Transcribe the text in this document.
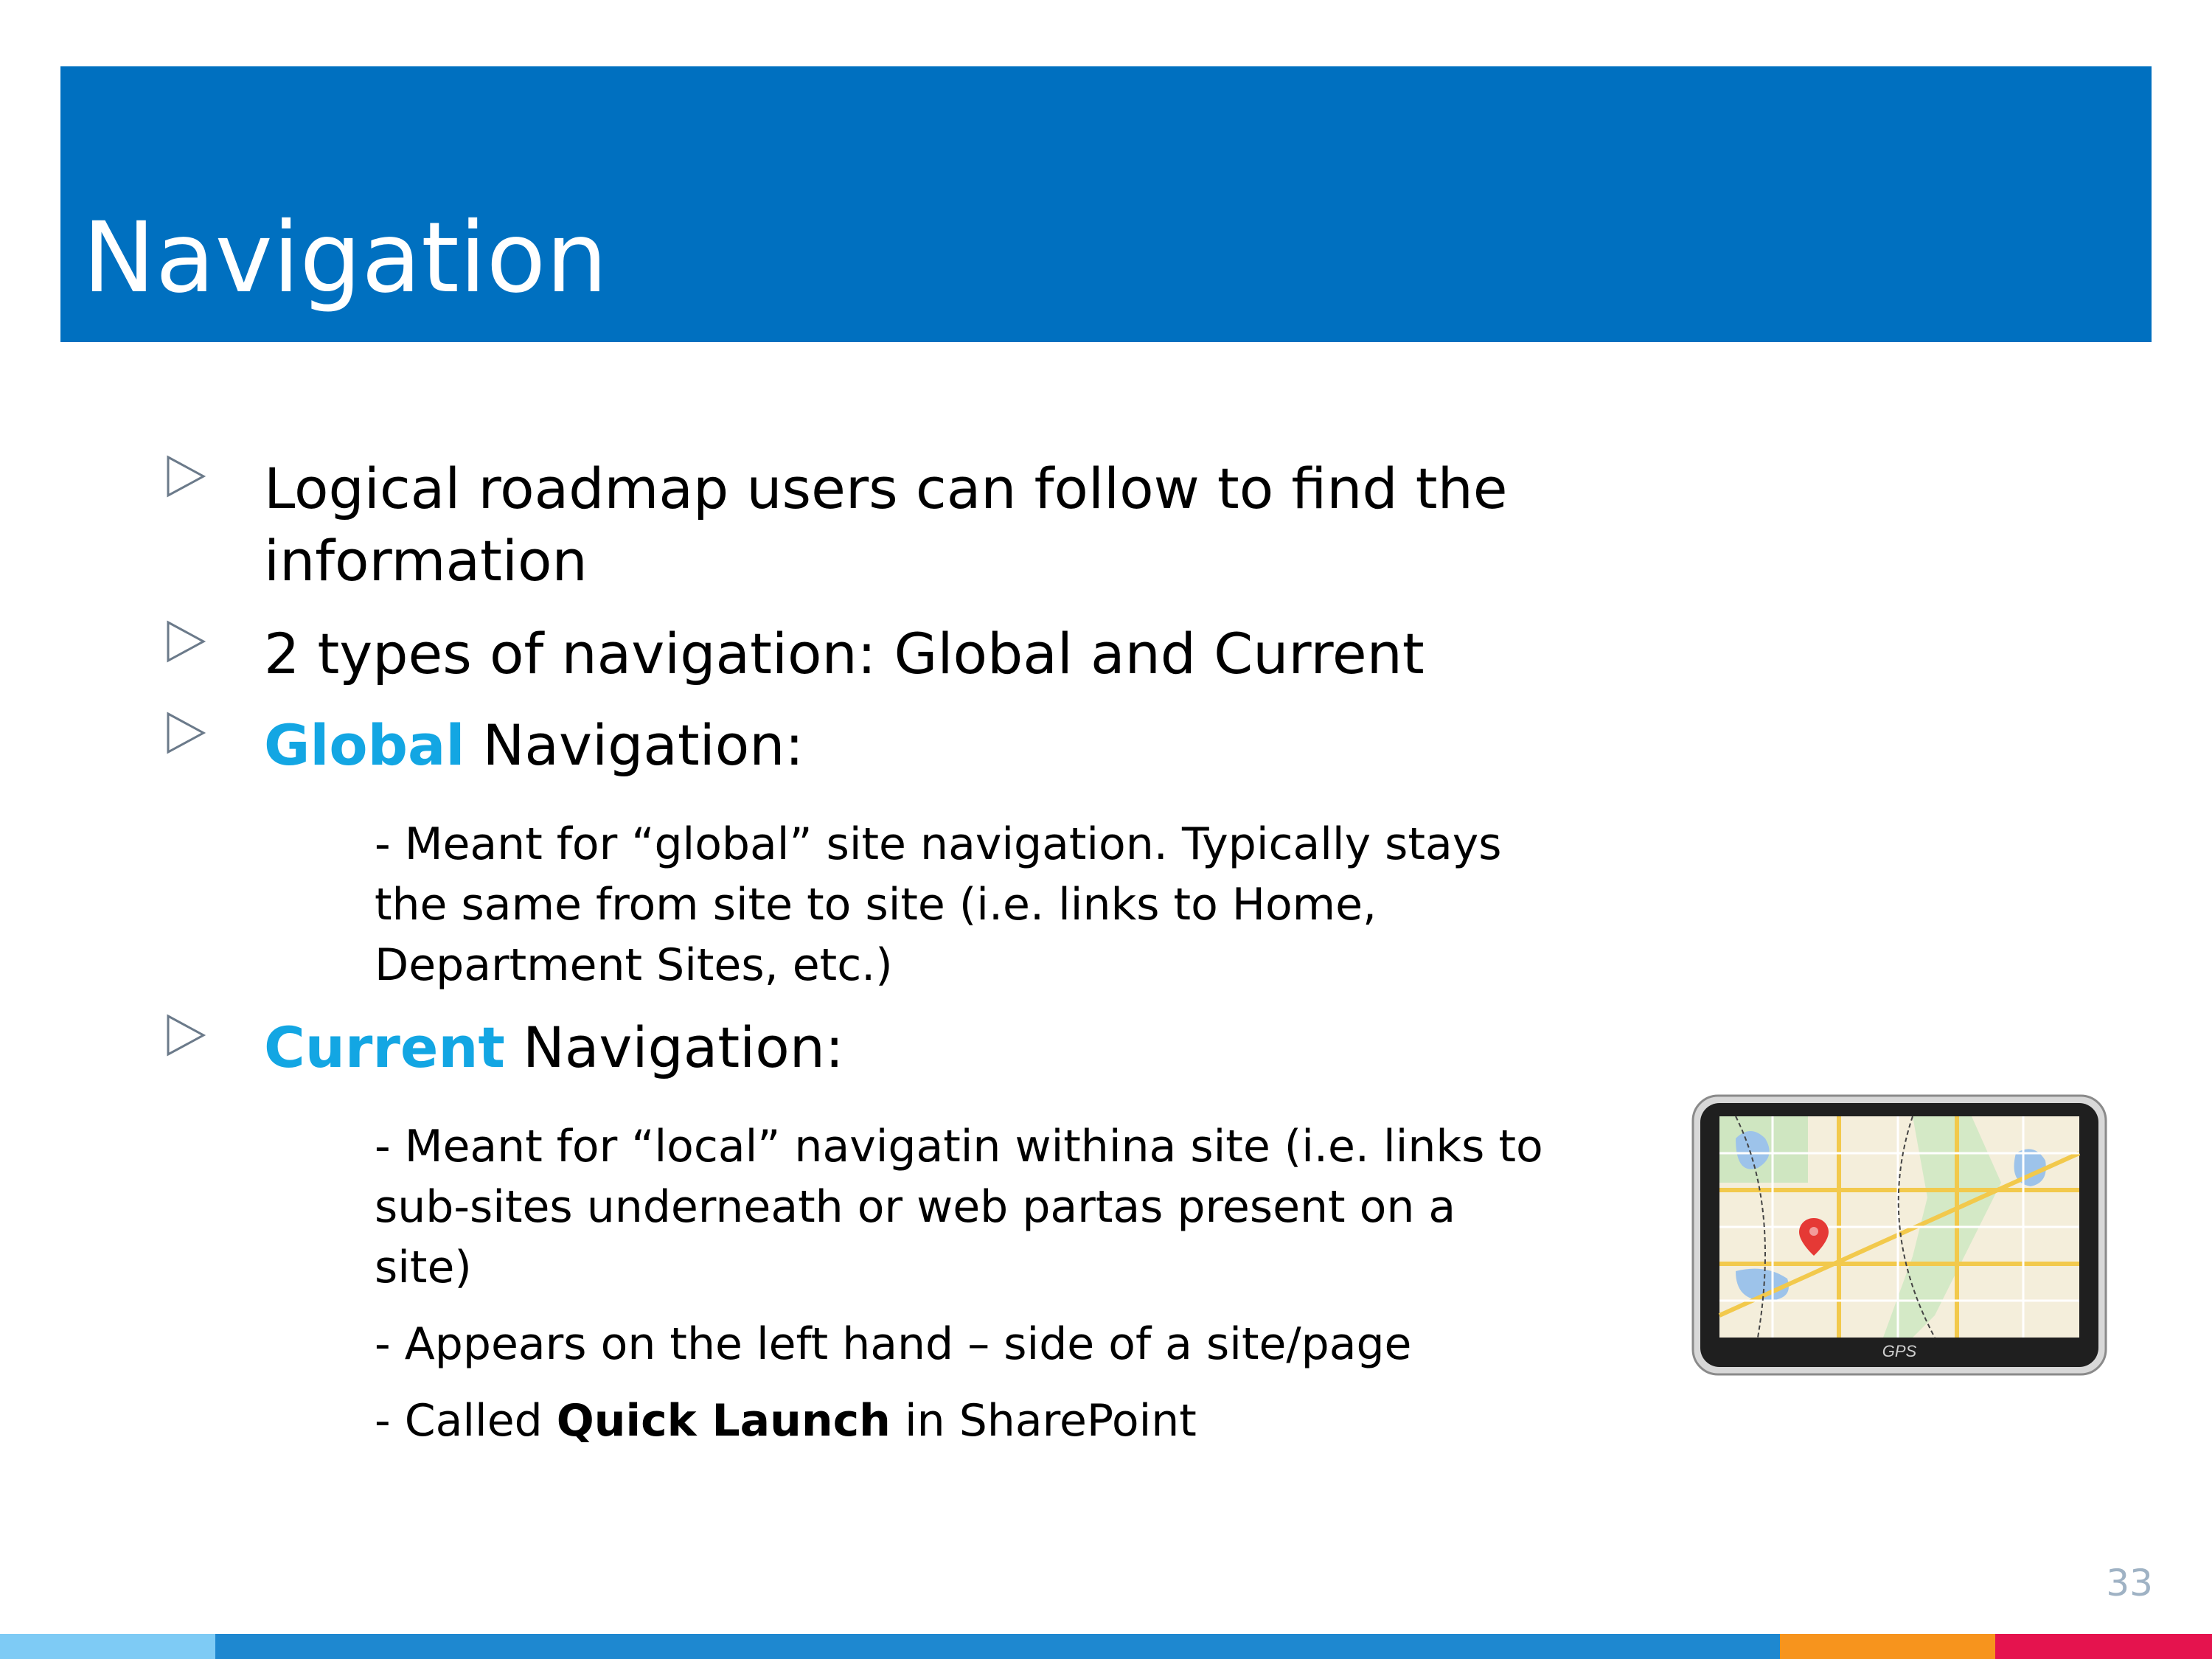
Navigation
Logical roadmap users can follow to find the
information
2 types of navigation: Global and Current
Global Navigation:
- Meant for “global” site navigation. Typically stays
the same from site to site (i.e. links to Home,
Department Sites, etc.)
Current Navigation:
- Meant for “local” navigatin withina site (i.e. links to
sub-sites underneath or web partas present on a
site)
- Appears on the left hand – side of a site/page
- Called Quick Launch in SharePoint
GPS
33
